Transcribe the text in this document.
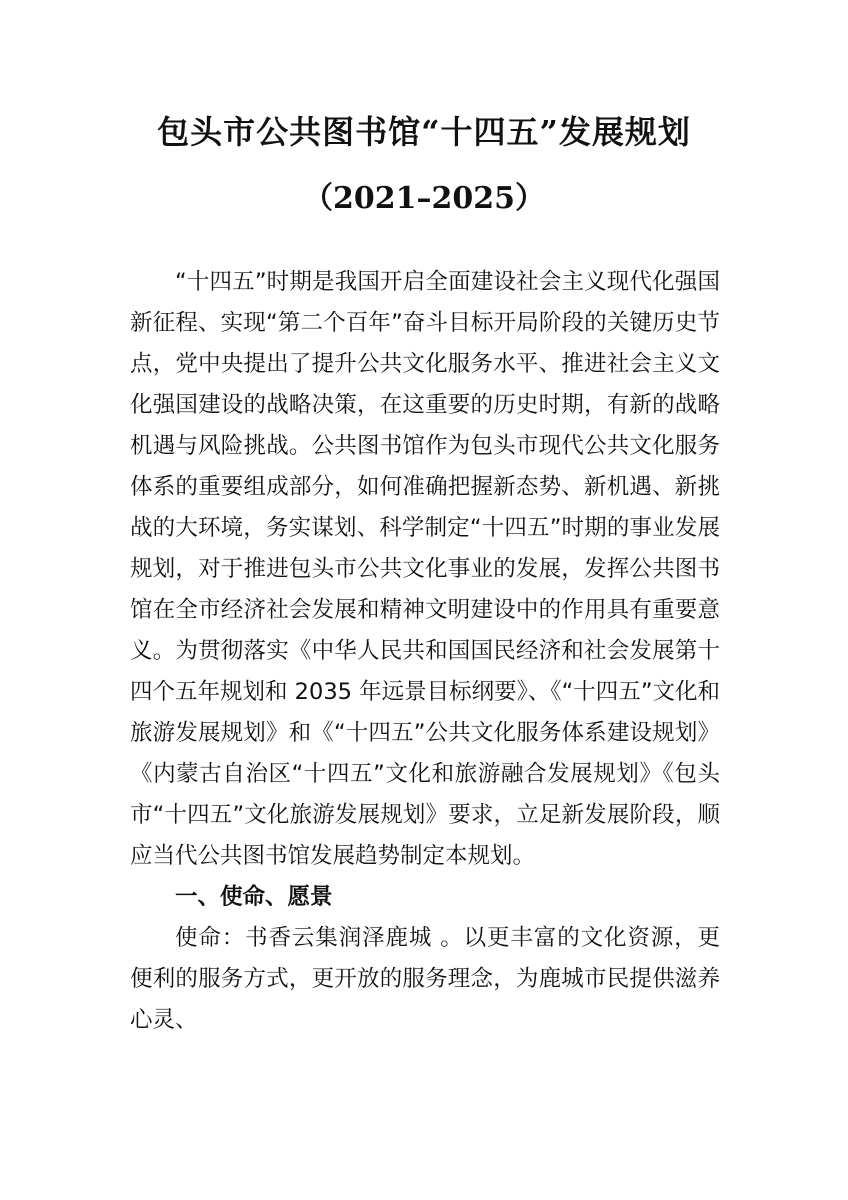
包头市公共图书馆“十四五”发展规划
（2021–2025）

“十四五”时期是我国开启全面建设社会主义现代化强国新征程、实现“第二个百年”奋斗目标开局阶段的关键历史节点，党中央提出了提升公共文化服务水平、推进社会主义文化强国建设的战略决策，在这重要的历史时期，有新的战略机遇与风险挑战。公共图书馆作为包头市现代公共文化服务体系的重要组成部分，如何准确把握新态势、新机遇、新挑战的大环境，务实谋划、科学制定“十四五”时期的事业发展规划，对于推进包头市公共文化事业的发展，发挥公共图书馆在全市经济社会发展和精神文明建设中的作用具有重要意义。为贯彻落实《中华人民共和国国民经济和社会发展第十四个五年规划和 2035 年远景目标纲要》、《“十四五”文化和旅游发展规划》和《“十四五”公共文化服务体系建设规划》《内蒙古自治区“十四五”文化和旅游融合发展规划》《包头市“十四五”文化旅游发展规划》要求，立足新发展阶段，顺应当代公共图书馆发展趋势制定本规划。

一、使命、愿景

使命：书香云集润泽鹿城 。以更丰富的文化资源，更便利的服务方式，更开放的服务理念，为鹿城市民提供滋养心灵、
